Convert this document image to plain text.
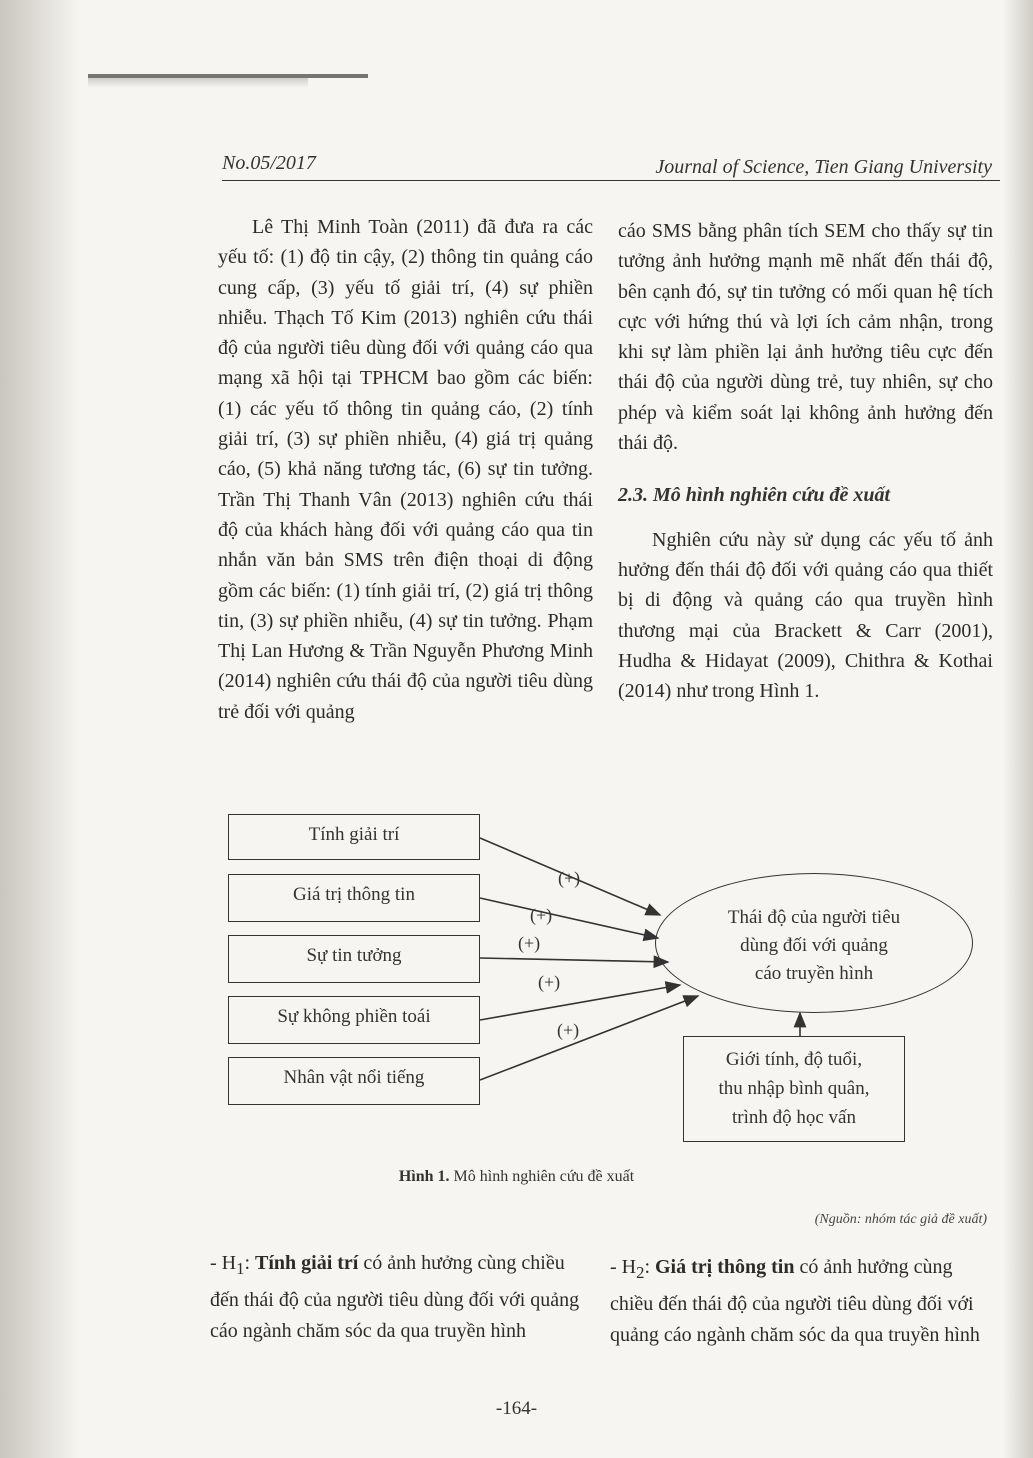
No.05/2017	Journal of Science, Tien Giang University

Lê Thị Minh Toàn (2011) đã đưa ra các yếu tố: (1) độ tin cậy, (2) thông tin quảng cáo cung cấp, (3) yếu tố giải trí, (4) sự phiền nhiễu. Thạch Tố Kim (2013) nghiên cứu thái độ của người tiêu dùng đối với quảng cáo qua mạng xã hội tại TPHCM bao gồm các biến: (1) các yếu tố thông tin quảng cáo, (2) tính giải trí, (3) sự phiền nhiễu, (4) giá trị quảng cáo, (5) khả năng tương tác, (6) sự tin tưởng. Trần Thị Thanh Vân (2013) nghiên cứu thái độ của khách hàng đối với quảng cáo qua tin nhắn văn bản SMS trên điện thoại di động gồm các biến: (1) tính giải trí, (2) giá trị thông tin, (3) sự phiền nhiễu, (4) sự tin tưởng. Phạm Thị Lan Hương & Trần Nguyễn Phương Minh (2014) nghiên cứu thái độ của người tiêu dùng trẻ đối với quảng

cáo SMS bằng phân tích SEM cho thấy sự tin tưởng ảnh hưởng mạnh mẽ nhất đến thái độ, bên cạnh đó, sự tin tưởng có mối quan hệ tích cực với hứng thú và lợi ích cảm nhận, trong khi sự làm phiền lại ảnh hưởng tiêu cực đến thái độ của người dùng trẻ, tuy nhiên, sự cho phép và kiểm soát lại không ảnh hưởng đến thái độ.

2.3. Mô hình nghiên cứu đề xuất

Nghiên cứu này sử dụng các yếu tố ảnh hưởng đến thái độ đối với quảng cáo qua thiết bị di động và quảng cáo qua truyền hình thương mại của Brackett & Carr (2001), Hudha & Hidayat (2009), Chithra & Kothai (2014) như trong Hình 1.

Tính giải trí
Giá trị thông tin
Sự tin tưởng
Sự không phiền toái
Nhân vật nổi tiếng
(+)
(+)
(+)
(+)
(+)
Thái độ của người tiêu
dùng đối với quảng
cáo truyền hình
Giới tính, độ tuổi,
thu nhập bình quân,
trình độ học vấn
Hình 1. Mô hình nghiên cứu đề xuất
(Nguồn: nhóm tác giả đề xuất)

- $H_1$: Tính giải trí có ảnh hưởng cùng chiều đến thái độ của người tiêu dùng đối với quảng cáo ngành chăm sóc da qua truyền hình

- $H_2$: Giá trị thông tin có ảnh hưởng cùng chiều đến thái độ của người tiêu dùng đối với quảng cáo ngành chăm sóc da qua truyền hình

-164-
